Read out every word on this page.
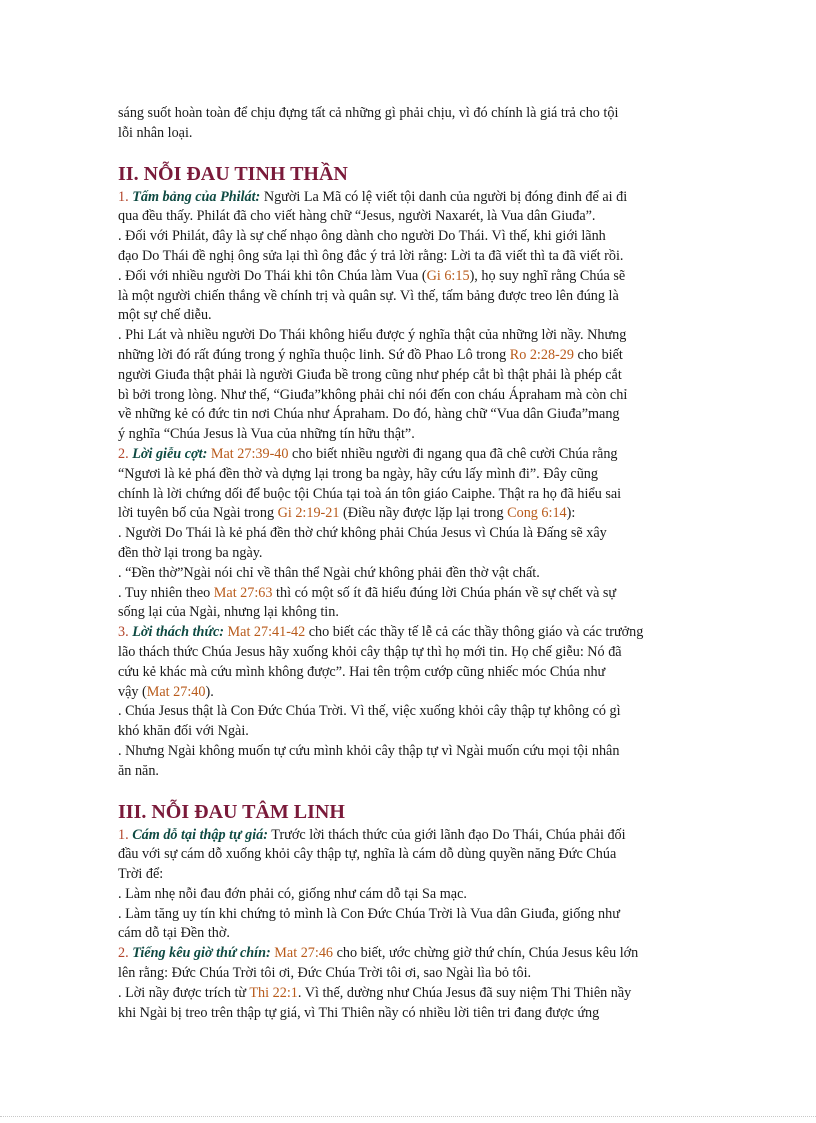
sáng suốt hoàn toàn để chịu đựng tất cả những gì phải chịu, vì đó chính là giá trả cho tội

lỗi nhân loại.

II. NỖI ĐAU TINH THẦN

1. Tấm bảng của Philát: Người La Mã có lệ viết tội danh của người bị đóng đinh để ai đi

qua đều thấy. Philát đã cho viết hàng chữ “Jesus, người Naxarét, là Vua dân Giuđa”.

. Đối với Philát, đây là sự chế nhạo ông dành cho người Do Thái. Vì thế, khi giới lãnh

đạo Do Thái đề nghị ông sửa lại thì ông đắc ý trả lời rằng: Lời ta đã viết thì ta đã viết rồi.

. Đối với nhiều người Do Thái khi tôn Chúa làm Vua (Gi 6:15), họ suy nghĩ rằng Chúa sẽ

là một người chiến thắng về chính trị và quân sự. Vì thế, tấm bảng được treo lên đúng là

một sự chế diễu.

. Phi Lát và nhiều người Do Thái không hiểu được ý nghĩa thật của những lời nầy. Nhưng

những lời đó rất đúng trong ý nghĩa thuộc linh. Sứ đồ Phao Lô trong Ro 2:28-29 cho biết

người Giuđa thật phải là người Giuđa bề trong cũng như phép cắt bì thật phải là phép cắt

bì bởi trong lòng. Như thế, “Giuđa”không phải chỉ nói đến con cháu Ápraham mà còn chỉ

về những kẻ có đức tin nơi Chúa như Ápraham. Do đó, hàng chữ “Vua dân Giuđa”mang

ý nghĩa “Chúa Jesus là Vua của những tín hữu thật”.

2. Lời giễu cợt: Mat 27:39-40 cho biết nhiều người đi ngang qua đã chê cười Chúa rằng

“Ngươi là kẻ phá đền thờ và dựng lại trong ba ngày, hãy cứu lấy mình đi”. Đây cũng

chính là lời chứng dối để buộc tội Chúa tại toà án tôn giáo Caiphe. Thật ra họ đã hiểu sai

lời tuyên bố của Ngài trong Gi 2:19-21 (Điều nầy được lặp lại trong Cong 6:14):

. Người Do Thái là kẻ phá đền thờ chứ không phải Chúa Jesus vì Chúa là Đấng sẽ xây

đền thờ lại trong ba ngày.

. “Đền thờ”Ngài nói chỉ về thân thể Ngài chứ không phải đền thờ vật chất.

. Tuy nhiên theo Mat 27:63 thì có một số ít đã hiểu đúng lời Chúa phán về sự chết và sự

sống lại của Ngài, nhưng lại không tin.

3. Lời thách thức: Mat 27:41-42 cho biết các thầy tế lễ cả các thầy thông giáo và các trưởng

lão thách thức Chúa Jesus hãy xuống khỏi cây thập tự thì họ mới tin. Họ chế giễu: Nó đã

cứu kẻ khác mà cứu mình không được”. Hai tên trộm cướp cũng nhiếc móc Chúa như

vậy (Mat 27:40).

. Chúa Jesus thật là Con Đức Chúa Trời. Vì thế, việc xuống khỏi cây thập tự không có gì

khó khăn đối với Ngài.

. Nhưng Ngài không muốn tự cứu mình khỏi cây thập tự vì Ngài muốn cứu mọi tội nhân

ăn năn.

III. NỖI ĐAU TÂM LINH

1. Cám dỗ tại thập tự giá: Trước lời thách thức của giới lãnh đạo Do Thái, Chúa phải đối

đầu với sự cám dỗ xuống khỏi cây thập tự, nghĩa là cám dỗ dùng quyền năng Đức Chúa

Trời để:

. Làm nhẹ nỗi đau đớn phải có, giống như cám dỗ tại Sa mạc.

. Làm tăng uy tín khi chứng tỏ mình là Con Đức Chúa Trời là Vua dân Giuđa, giống như

cám dỗ tại Đền thờ.

2. Tiếng kêu giờ thứ chín: Mat 27:46 cho biết, ước chừng giờ thứ chín, Chúa Jesus kêu lớn

lên rằng: Đức Chúa Trời tôi ơi, Đức Chúa Trời tôi ơi, sao Ngài lìa bỏ tôi.

. Lời nầy được trích từ Thi 22:1. Vì thế, dường như Chúa Jesus đã suy niệm Thi Thiên nầy

khi Ngài bị treo trên thập tự giá, vì Thi Thiên nầy có nhiều lời tiên tri đang được ứng
